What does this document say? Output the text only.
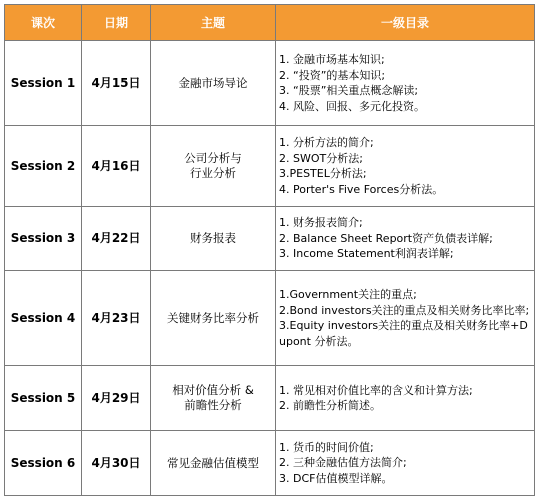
课次	日期	主题	一级目录
Session 1	4月15日	金融市场导论	1. 金融市场基本知识;
2. “投资”的基本知识;
3. “股票”相关重点概念解读;
4. 风险、回报、多元化投资。

Session 2	4月16日	公司分析与
行业分析	1. 分析方法的简介;
2. SWOT分析法;
3.PESTEL分析法;
4. Porter's Five Forces分析法。

Session 3	4月22日	财务报表	1. 财务报表简介;
2. Balance Sheet Report资产负债表详解;
3. Income Statement利润表详解;

Session 4	4月23日	关键财务比率分析	1.Government关注的重点;
2.Bond investors关注的重点及相关财务比率比率;
3.Equity investors关注的重点及相关财务比率+Dupont 分析法。

Session 5	4月29日	相对价值分析 &
前瞻性分析	1. 常见相对价值比率的含义和计算方法;
2. 前瞻性分析简述。

Session 6	4月30日	常见金融估值模型	1. 货币的时间价值;
2. 三种金融估值方法简介;
3. DCF估值模型详解。
